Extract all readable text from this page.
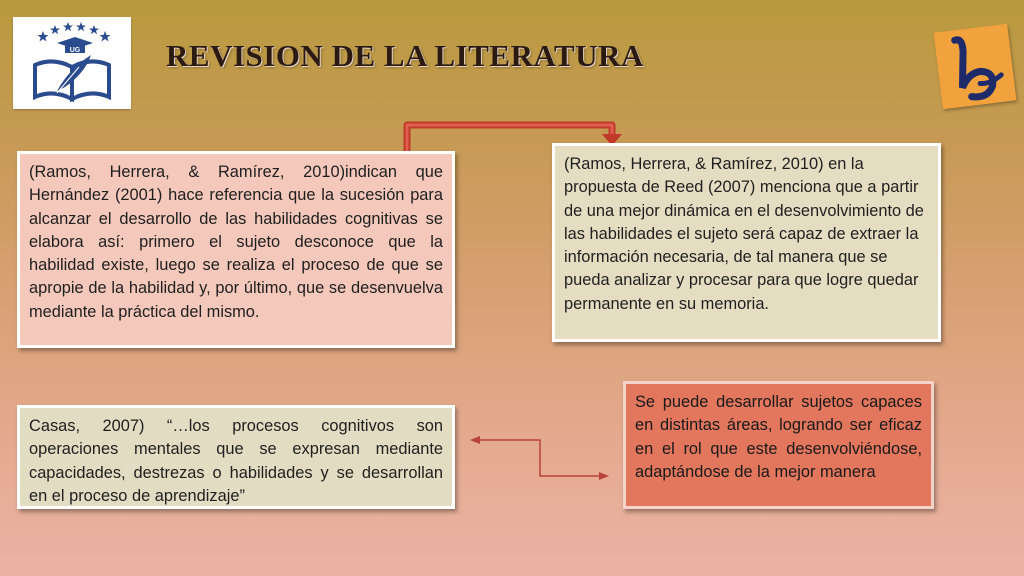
UG	REVISION DE LA LITERATURA
(Ramos, Herrera, & Ramírez, 2010)indican que Hernández (2001) hace referencia que la sucesión para alcanzar el desarrollo de las habilidades cognitivas se elabora así: primero el sujeto desconoce que la habilidad existe, luego se realiza el proceso de que se apropie de la habilidad y, por último, que se desenvuelva mediante la práctica del mismo.
(Ramos, Herrera, & Ramírez, 2010) en la propuesta de Reed (2007) menciona que a partir de una mejor dinámica en el desenvolvimiento de las habilidades el sujeto será capaz de extraer la información necesaria, de tal manera que se pueda analizar y procesar para que logre quedar permanente en su memoria.
Casas, 2007) “…los procesos cognitivos son operaciones mentales que se expresan mediante capacidades, destrezas o habilidades y se desarrollan en el proceso de aprendizaje”
Se puede desarrollar sujetos capaces en distintas áreas, logrando ser eficaz en el rol que este desenvolviéndose, adaptándose de la mejor manera
